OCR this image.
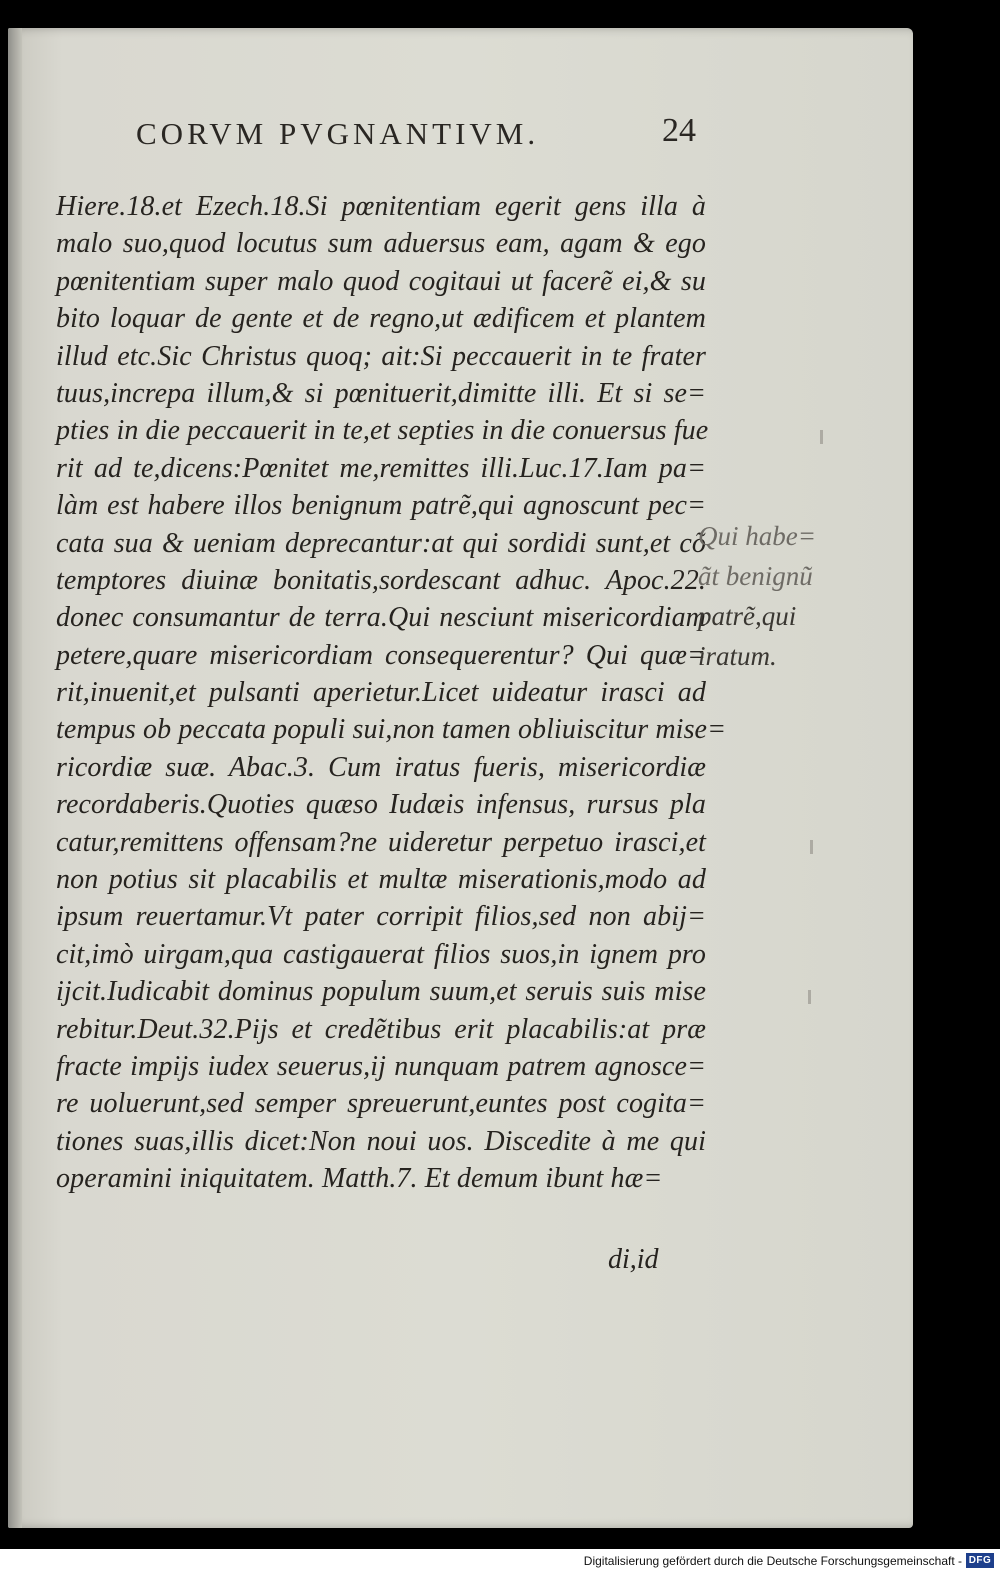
CORVM PVGNANTIVM.	24
Hiere.18.et Ezech.18.Si pœnitentiam egerit gens illa à
malo suo,quod locutus sum aduersus eam, agam & ego
pœnitentiam super malo quod cogitaui ut facerẽ ei,& su
bito loquar de gente et de regno,ut ædificem et plantem
illud etc.Sic Christus quoq; ait:Si peccauerit in te frater
tuus,increpa illum,& si pœnituerit,dimitte illi. Et si se=
pties in die peccauerit in te,et septies in die conuersus fue
rit ad te,dicens:Pœnitet me,remittes illi.Luc.17.Iam pa=
làm est habere illos benignum patrẽ,qui agnoscunt pec=
cata sua & ueniam deprecantur:at qui sordidi sunt,et cõ
temptores diuinæ bonitatis,sordescant adhuc. Apoc.22.
donec consumantur de terra.Qui nesciunt misericordiam
petere,quare misericordiam consequerentur? Qui quæ=
rit,inuenit,et pulsanti aperietur.Licet uideatur irasci ad
tempus ob peccata populi sui,non tamen obliuiscitur mise=
ricordiæ suæ. Abac.3. Cum iratus fueris, misericordiæ
recordaberis.Quoties quæso Iudæis infensus, rursus pla
catur,remittens offensam?ne uideretur perpetuo irasci,et
non potius sit placabilis et multæ miserationis,modo ad
ipsum reuertamur.Vt pater corripit filios,sed non abij=
cit,imò uirgam,qua castigauerat filios suos,in ignem pro
ijcit.Iudicabit dominus populum suum,et seruis suis mise
rebitur.Deut.32.Pijs et credẽtibus erit placabilis:at præ
fracte impijs iudex seuerus,ij nunquam patrem agnosce=
re uoluerunt,sed semper spreuerunt,euntes post cogita=
tiones suas,illis dicet:Non noui uos. Discedite à me qui
operamini iniquitatem. Matth.7. Et demum ibunt hæ=
di,id
Qui habe=
ãt benignũ
patrẽ,qui
iratum.
Digitalisierung gefördert durch die Deutsche Forschungsgemeinschaft - DFG
